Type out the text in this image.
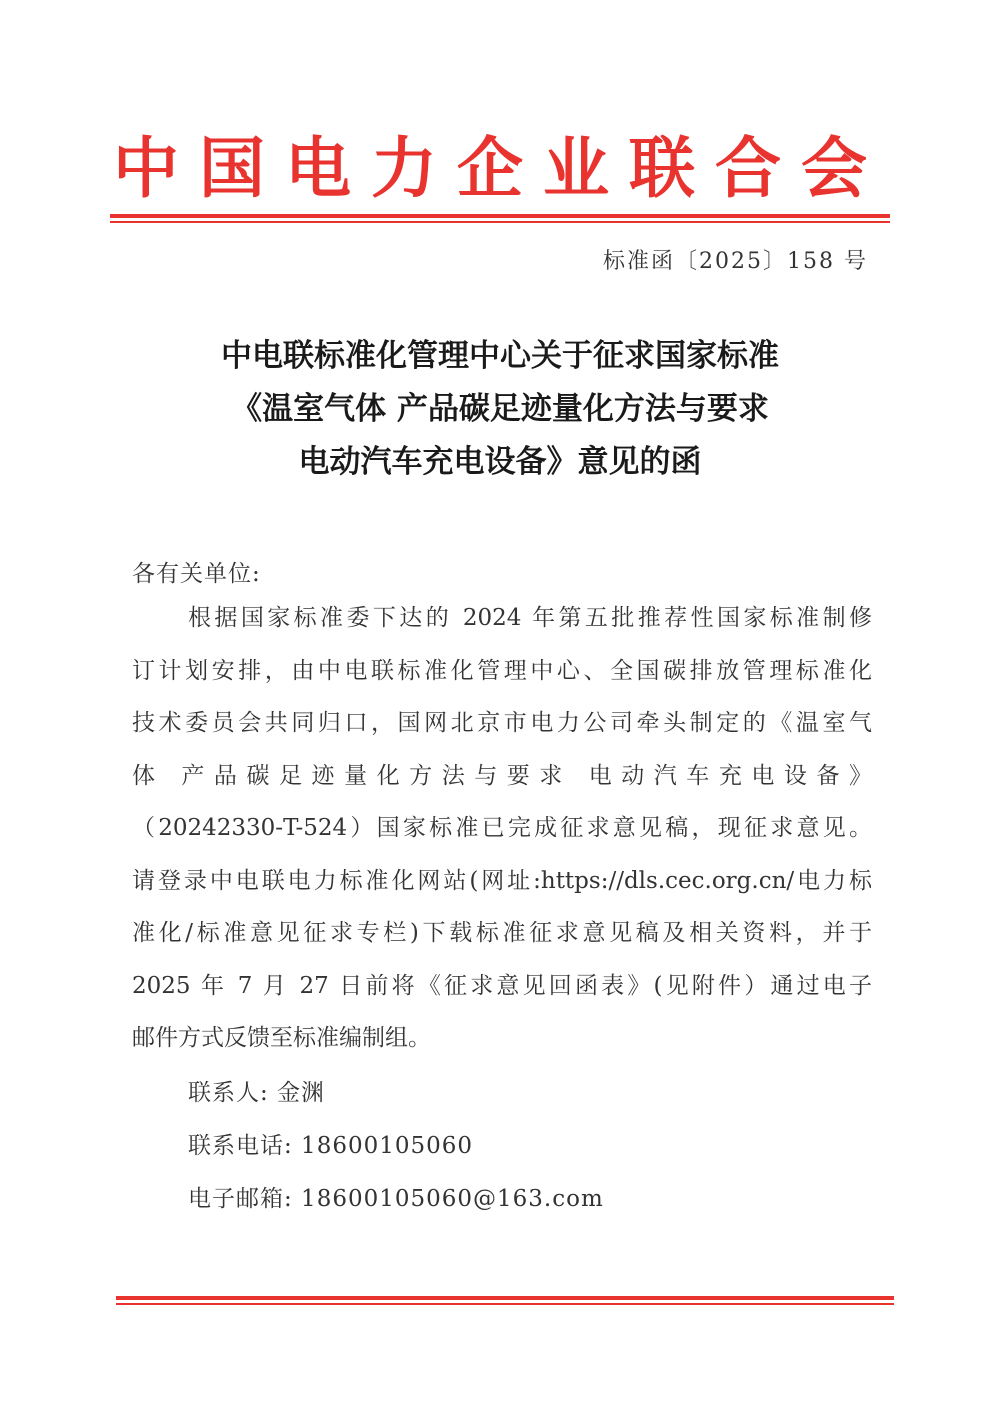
中国电力企业联合会
标准函〔2025〕158 号
中电联标准化管理中心关于征求国家标准
《温室气体 产品碳足迹量化方法与要求
电动汽车充电设备》意见的函
各有关单位:
根据国家标准委下达的 2024 年第五批推荐性国家标准制修
订计划安排，由中电联标准化管理中心、全国碳排放管理标准化
技术委员会共同归口，国网北京市电力公司牵头制定的《温室气
体 产品碳足迹量化方法与要求 电动汽车充电设备》
（20242330-T-524）国家标准已完成征求意见稿，现征求意见。
请登录中电联电力标准化网站(网址:https://dls.cec.org.cn/电力标
准化/标准意见征求专栏)下载标准征求意见稿及相关资料，并于
2025 年 7 月 27 日前将《征求意见回函表》(见附件）通过电子
邮件方式反馈至标准编制组。
联系人: 金渊
联系电话: 18600105060
电子邮箱: 18600105060@163.com
